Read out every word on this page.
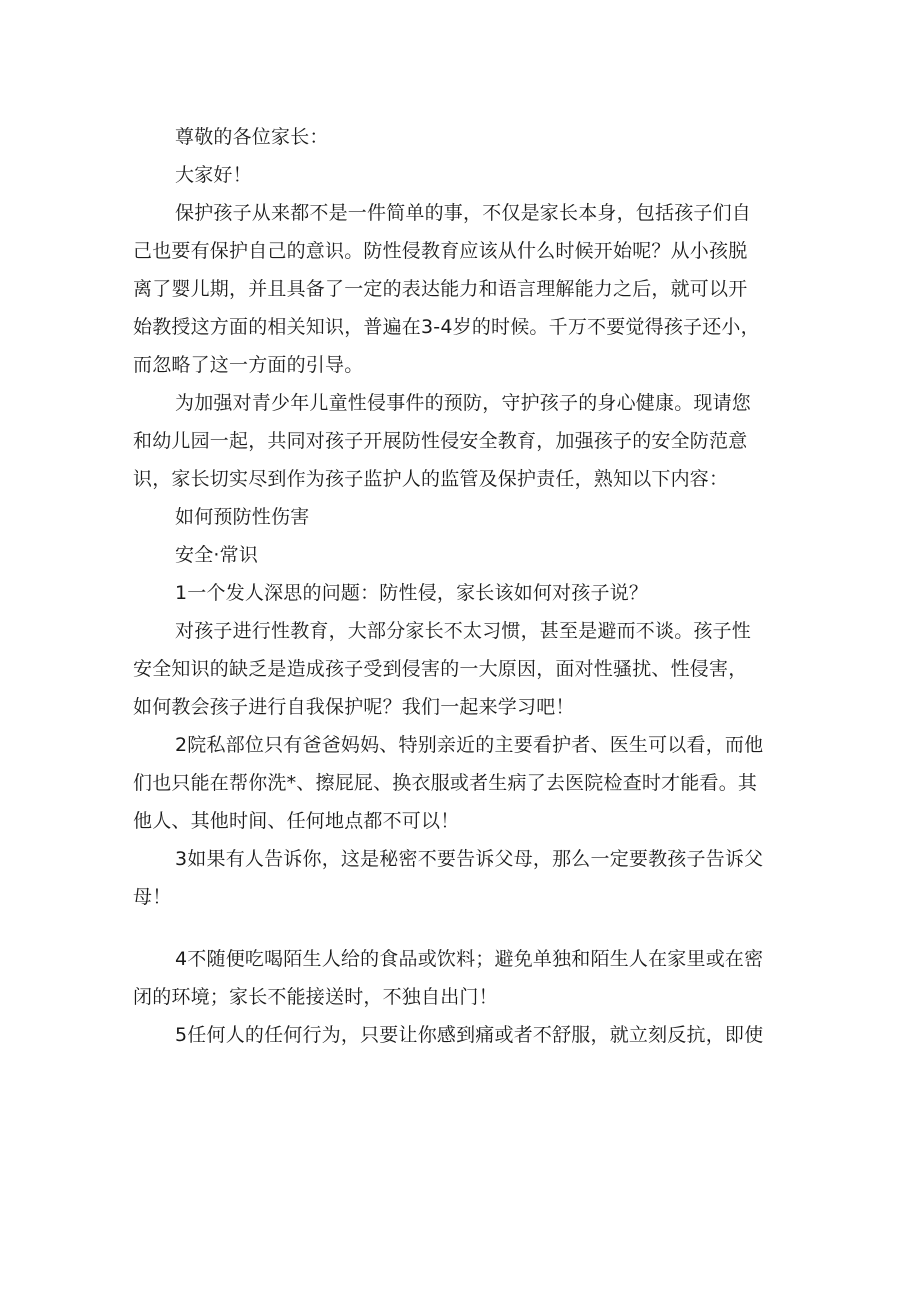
尊敬的各位家长：

大家好！

保护孩子从来都不是一件简单的事，不仅是家长本身，包括孩子们自

己也要有保护自己的意识。防性侵教育应该从什么时候开始呢？从小孩脱

离了婴儿期，并且具备了一定的表达能力和语言理解能力之后，就可以开

始教授这方面的相关知识，普遍在3-4岁的时候。千万不要觉得孩子还小，

而忽略了这一方面的引导。

为加强对青少年儿童性侵事件的预防，守护孩子的身心健康。现请您

和幼儿园一起，共同对孩子开展防性侵安全教育，加强孩子的安全防范意

识，家长切实尽到作为孩子监护人的监管及保护责任，熟知以下内容：

如何预防性伤害

安全·常识

1一个发人深思的问题：防性侵，家长该如何对孩子说？

对孩子进行性教育，大部分家长不太习惯，甚至是避而不谈。孩子性

安全知识的缺乏是造成孩子受到侵害的一大原因，面对性骚扰、性侵害，

如何教会孩子进行自我保护呢？我们一起来学习吧！

2院私部位只有爸爸妈妈、特别亲近的主要看护者、医生可以看，而他

们也只能在帮你洗*、擦屁屁、换衣服或者生病了去医院检查时才能看。其

他人、其他时间、任何地点都不可以！

3如果有人告诉你，这是秘密不要告诉父母，那么一定要教孩子告诉父

母！

4不随便吃喝陌生人给的食品或饮料；避免单独和陌生人在家里或在密

闭的环境；家长不能接送时，不独自出门！

5任何人的任何行为，只要让你感到痛或者不舒服，就立刻反抗，即使
